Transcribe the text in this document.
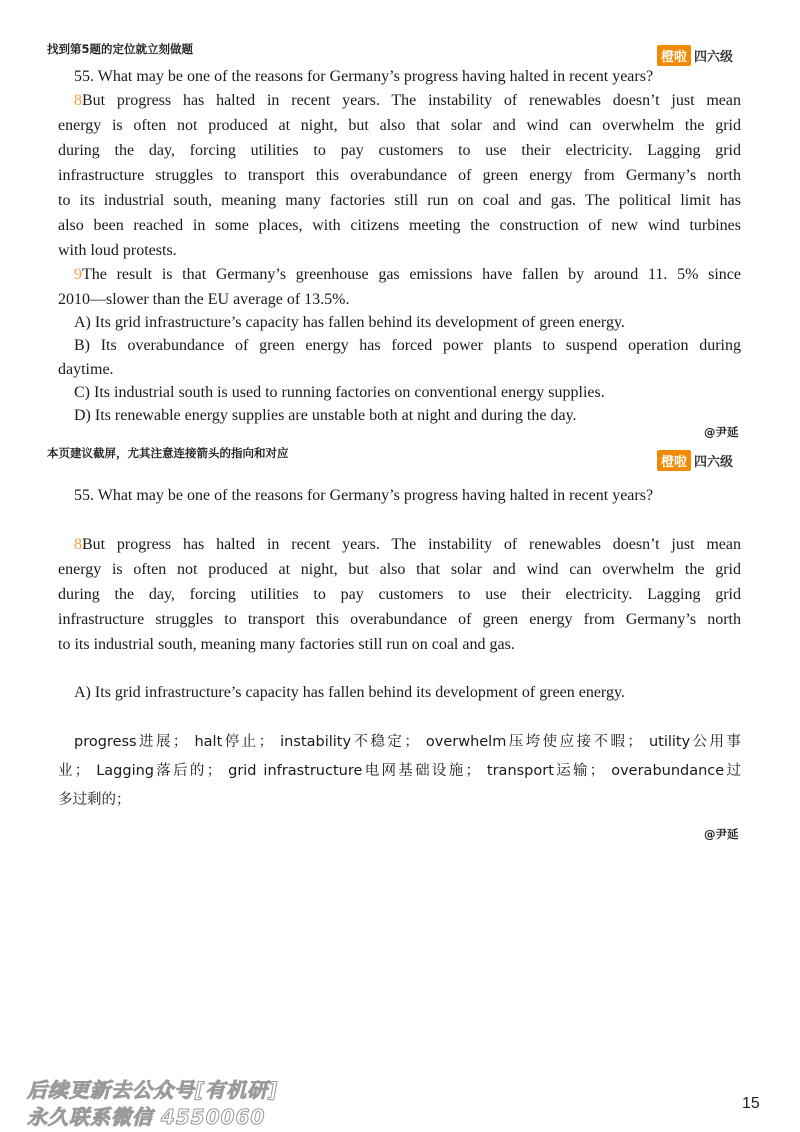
找到第5题的定位就立刻做题
橙啦 四六级
55. What may be one of the reasons for Germany’s progress having halted in recent years?
8But progress has halted in recent years. The instability of renewables doesn’t just mean
energy is often not produced at night, but also that solar and wind can overwhelm the grid
during the day, forcing utilities to pay customers to use their electricity. Lagging grid
infrastructure struggles to transport this overabundance of green energy from Germany’s north
to its industrial south, meaning many factories still run on coal and gas. The political limit has
also been reached in some places, with citizens meeting the construction of new wind turbines
with loud protests.
9The result is that Germany’s greenhouse gas emissions have fallen by around 11. 5% since
2010—slower than the EU average of 13.5%.
A) Its grid infrastructure’s capacity has fallen behind its development of green energy.
B) Its overabundance of green energy has forced power plants to suspend operation during
daytime.
C) Its industrial south is used to running factories on conventional energy supplies.
D) Its renewable energy supplies are unstable both at night and during the day.
@尹延
本页建议截屏，尤其注意连接箭头的指向和对应
橙啦 四六级
55. What may be one of the reasons for Germany’s progress having halted in recent years?
8But progress has halted in recent years. The instability of renewables doesn’t just mean
energy is often not produced at night, but also that solar and wind can overwhelm the grid
during the day, forcing utilities to pay customers to use their electricity. Lagging grid
infrastructure struggles to transport this overabundance of green energy from Germany’s north
to its industrial south, meaning many factories still run on coal and gas.
A) Its grid infrastructure’s capacity has fallen behind its development of green energy.
progress进展； halt停止； instability不稳定； overwhelm压垮使应接不暇； utility公用事
业； Lagging落后的； grid infrastructure电网基础设施； transport运输； overabundance过
多过剩的；
@尹延
后续更新去公众号[有机研]
永久联系微信 4550060
15
